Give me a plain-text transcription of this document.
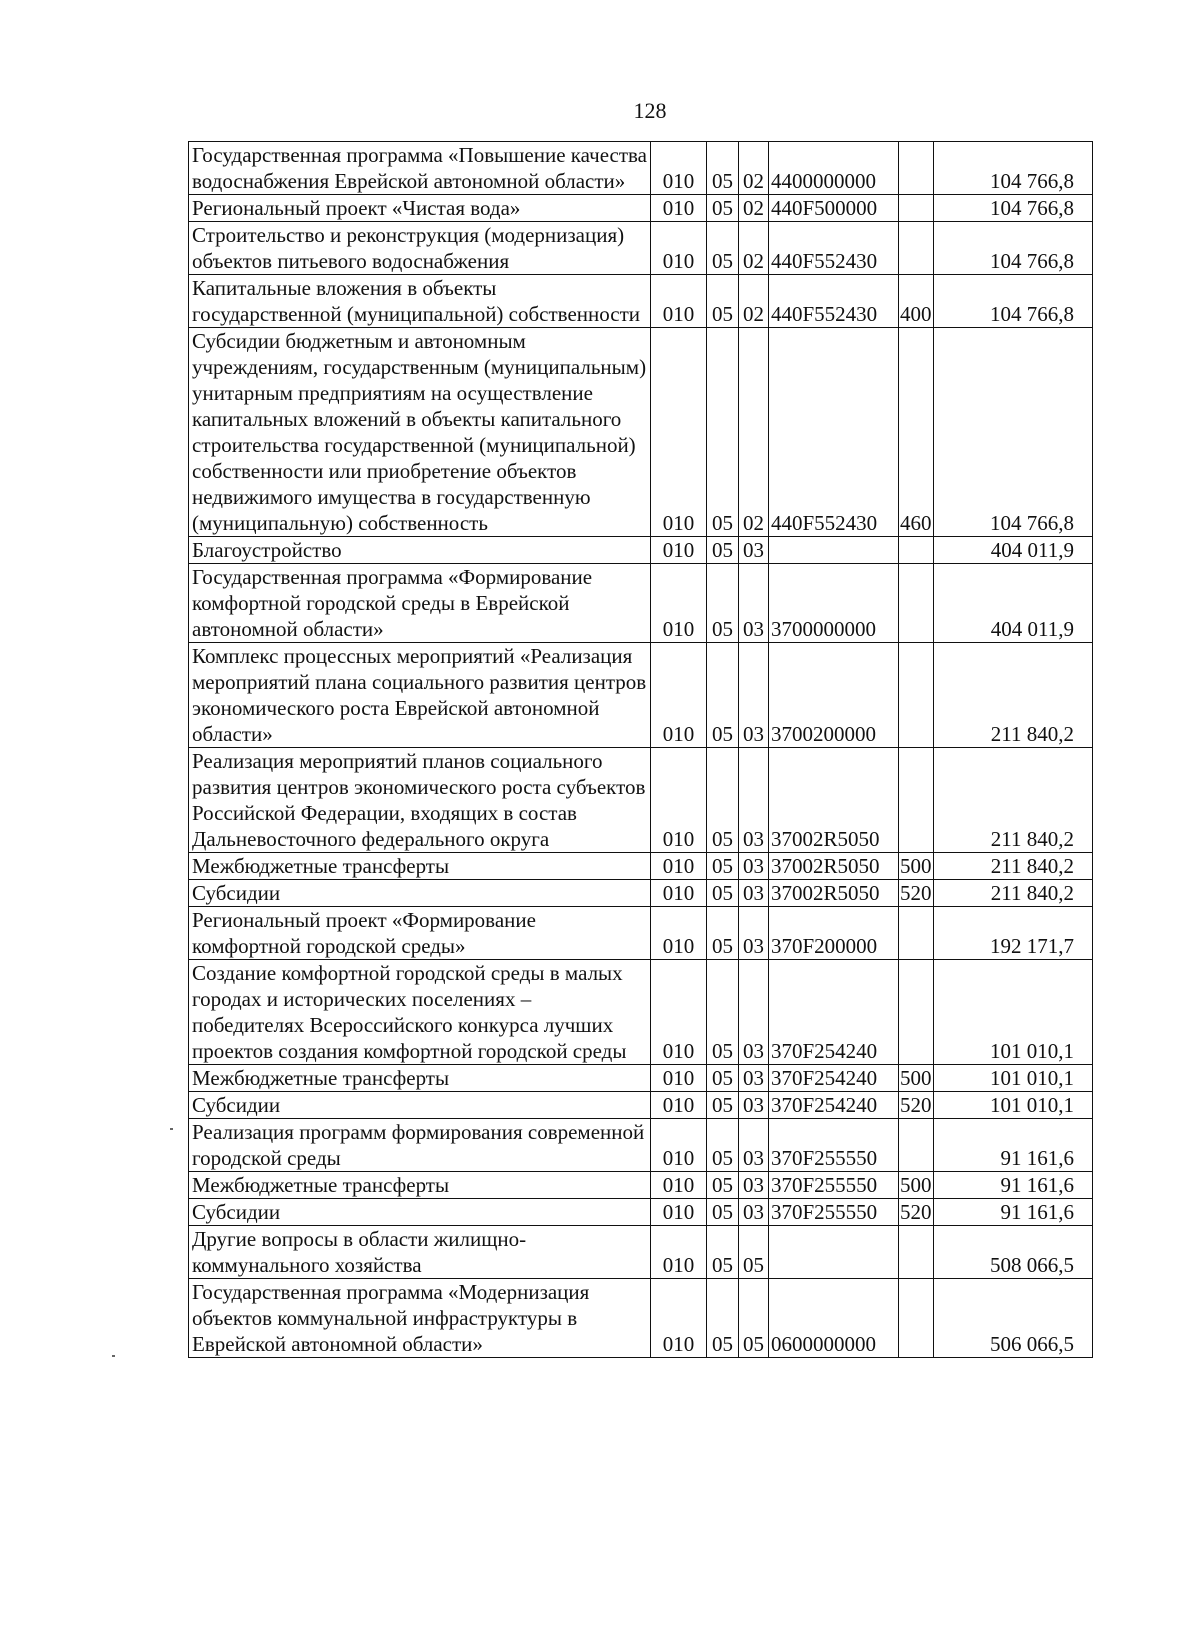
128
Государственная программа «Повышение качества водоснабжения Еврейской автономной области»	010	05	02	4400000000		104 766,8
Региональный проект «Чистая вода»	010	05	02	440F500000		104 766,8
Строительство и реконструкция (модернизация) объектов питьевого водоснабжения	010	05	02	440F552430		104 766,8
Капитальные вложения в объекты государственной (муниципальной) собственности	010	05	02	440F552430	400	104 766,8
Субсидии бюджетным и автономным учреждениям, государственным (муниципальным) унитарным предприятиям на осуществление капитальных вложений в объекты капитального строительства государственной (муниципальной) собственности или приобретение объектов недвижимого имущества в государственную (муниципальную) собственность	010	05	02	440F552430	460	104 766,8
Благоустройство	010	05	03			404 011,9
Государственная программа «Формирование комфортной городской среды в Еврейской автономной области»	010	05	03	3700000000		404 011,9
Комплекс процессных мероприятий «Реализация мероприятий плана социального развития центров экономического роста Еврейской автономной области»	010	05	03	3700200000		211 840,2
Реализация мероприятий планов социального развития центров экономического роста субъектов Российской Федерации, входящих в состав Дальневосточного федерального округа	010	05	03	37002R5050		211 840,2
Межбюджетные трансферты	010	05	03	37002R5050	500	211 840,2
Субсидии	010	05	03	37002R5050	520	211 840,2
Региональный проект «Формирование комфортной городской среды»	010	05	03	370F200000		192 171,7
Создание комфортной городской среды в малых городах и исторических поселениях – победителях Всероссийского конкурса лучших проектов создания комфортной городской среды	010	05	03	370F254240		101 010,1
Межбюджетные трансферты	010	05	03	370F254240	500	101 010,1
Субсидии	010	05	03	370F254240	520	101 010,1
Реализация программ формирования современной городской среды	010	05	03	370F255550		91 161,6
Межбюджетные трансферты	010	05	03	370F255550	500	91 161,6
Субсидии	010	05	03	370F255550	520	91 161,6
Другие вопросы в области жилищно-коммунального хозяйства	010	05	05			508 066,5
Государственная программа «Модернизация объектов коммунальной инфраструктуры в Еврейской автономной области»	010	05	05	0600000000		506 066,5
